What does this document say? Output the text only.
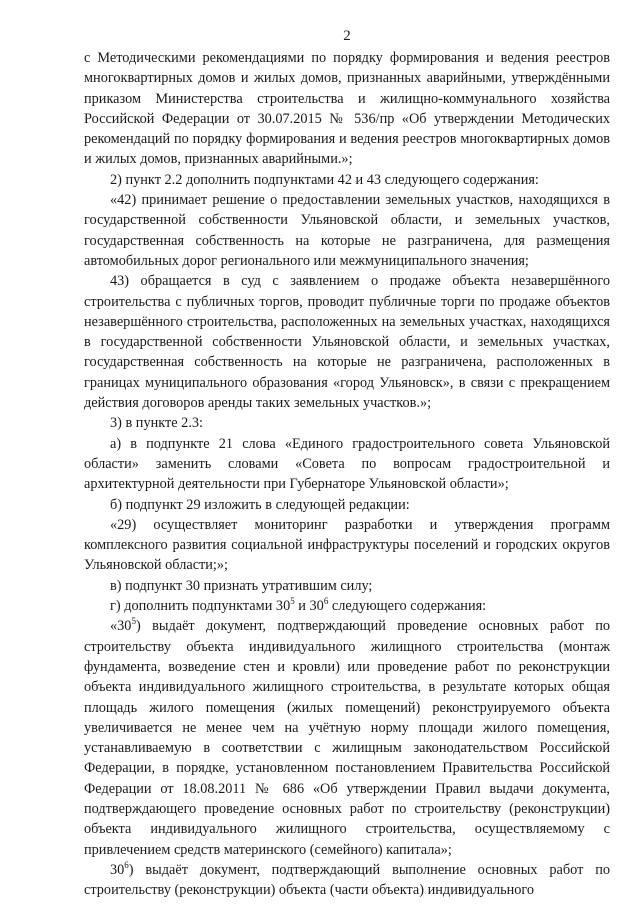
2

с Методическими рекомендациями по порядку формирования и ведения реестров многоквартирных домов и жилых домов, признанных аварийными, утверждёнными приказом Министерства строительства и жилищно-коммунального хозяйства Российской Федерации от 30.07.2015 № 536/пр «Об утверждении Методических рекомендаций по порядку формирования и ведения реестров многоквартирных домов и жилых домов, признанных аварийными.»;

2) пункт 2.2 дополнить подпунктами 42 и 43 следующего содержания:

«42) принимает решение о предоставлении земельных участков, находящихся в государственной собственности Ульяновской области, и земельных участков, государственная собственность на которые не разграничена, для размещения автомобильных дорог регионального или межмуниципального значения;

43) обращается в суд с заявлением о продаже объекта незавершённого строительства с публичных торгов, проводит публичные торги по продаже объектов незавершённого строительства, расположенных на земельных участках, находящихся в государственной собственности Ульяновской области, и земельных участках, государственная собственность на которые не разграничена, расположенных в границах муниципального образования «город Ульяновск», в связи с прекращением действия договоров аренды таких земельных участков.»;

3) в пункте 2.3:

а) в подпункте 21 слова «Единого градостроительного совета Ульяновской области» заменить словами «Совета по вопросам градостроительной и архитектурной деятельности при Губернаторе Ульяновской области»;

б) подпункт 29 изложить в следующей редакции:

«29) осуществляет мониторинг разработки и утверждения программ комплексного развития социальной инфраструктуры поселений и городских округов Ульяновской области;»;

в) подпункт 30 признать утратившим силу;

г) дополнить подпунктами $30^5$ и $30^6$ следующего содержания:

«$30^5$) выдаёт документ, подтверждающий проведение основных работ по строительству объекта индивидуального жилищного строительства (монтаж фундамента, возведение стен и кровли) или проведение работ по реконструкции объекта индивидуального жилищного строительства, в результате которых общая площадь жилого помещения (жилых помещений) реконструируемого объекта увеличивается не менее чем на учётную норму площади жилого помещения, устанавливаемую в соответствии с жилищным законодательством Российской Федерации, в порядке, установленном постановлением Правительства Российской Федерации от 18.08.2011 № 686 «Об утверждении Правил выдачи документа, подтверждающего проведение основных работ по строительству (реконструкции) объекта индивидуального жилищного строительства, осуществляемому с привлечением средств материнского (семейного) капитала»;

$30^6$) выдаёт документ, подтверждающий выполнение основных работ по строительству (реконструкции) объекта (части объекта) индивидуального
